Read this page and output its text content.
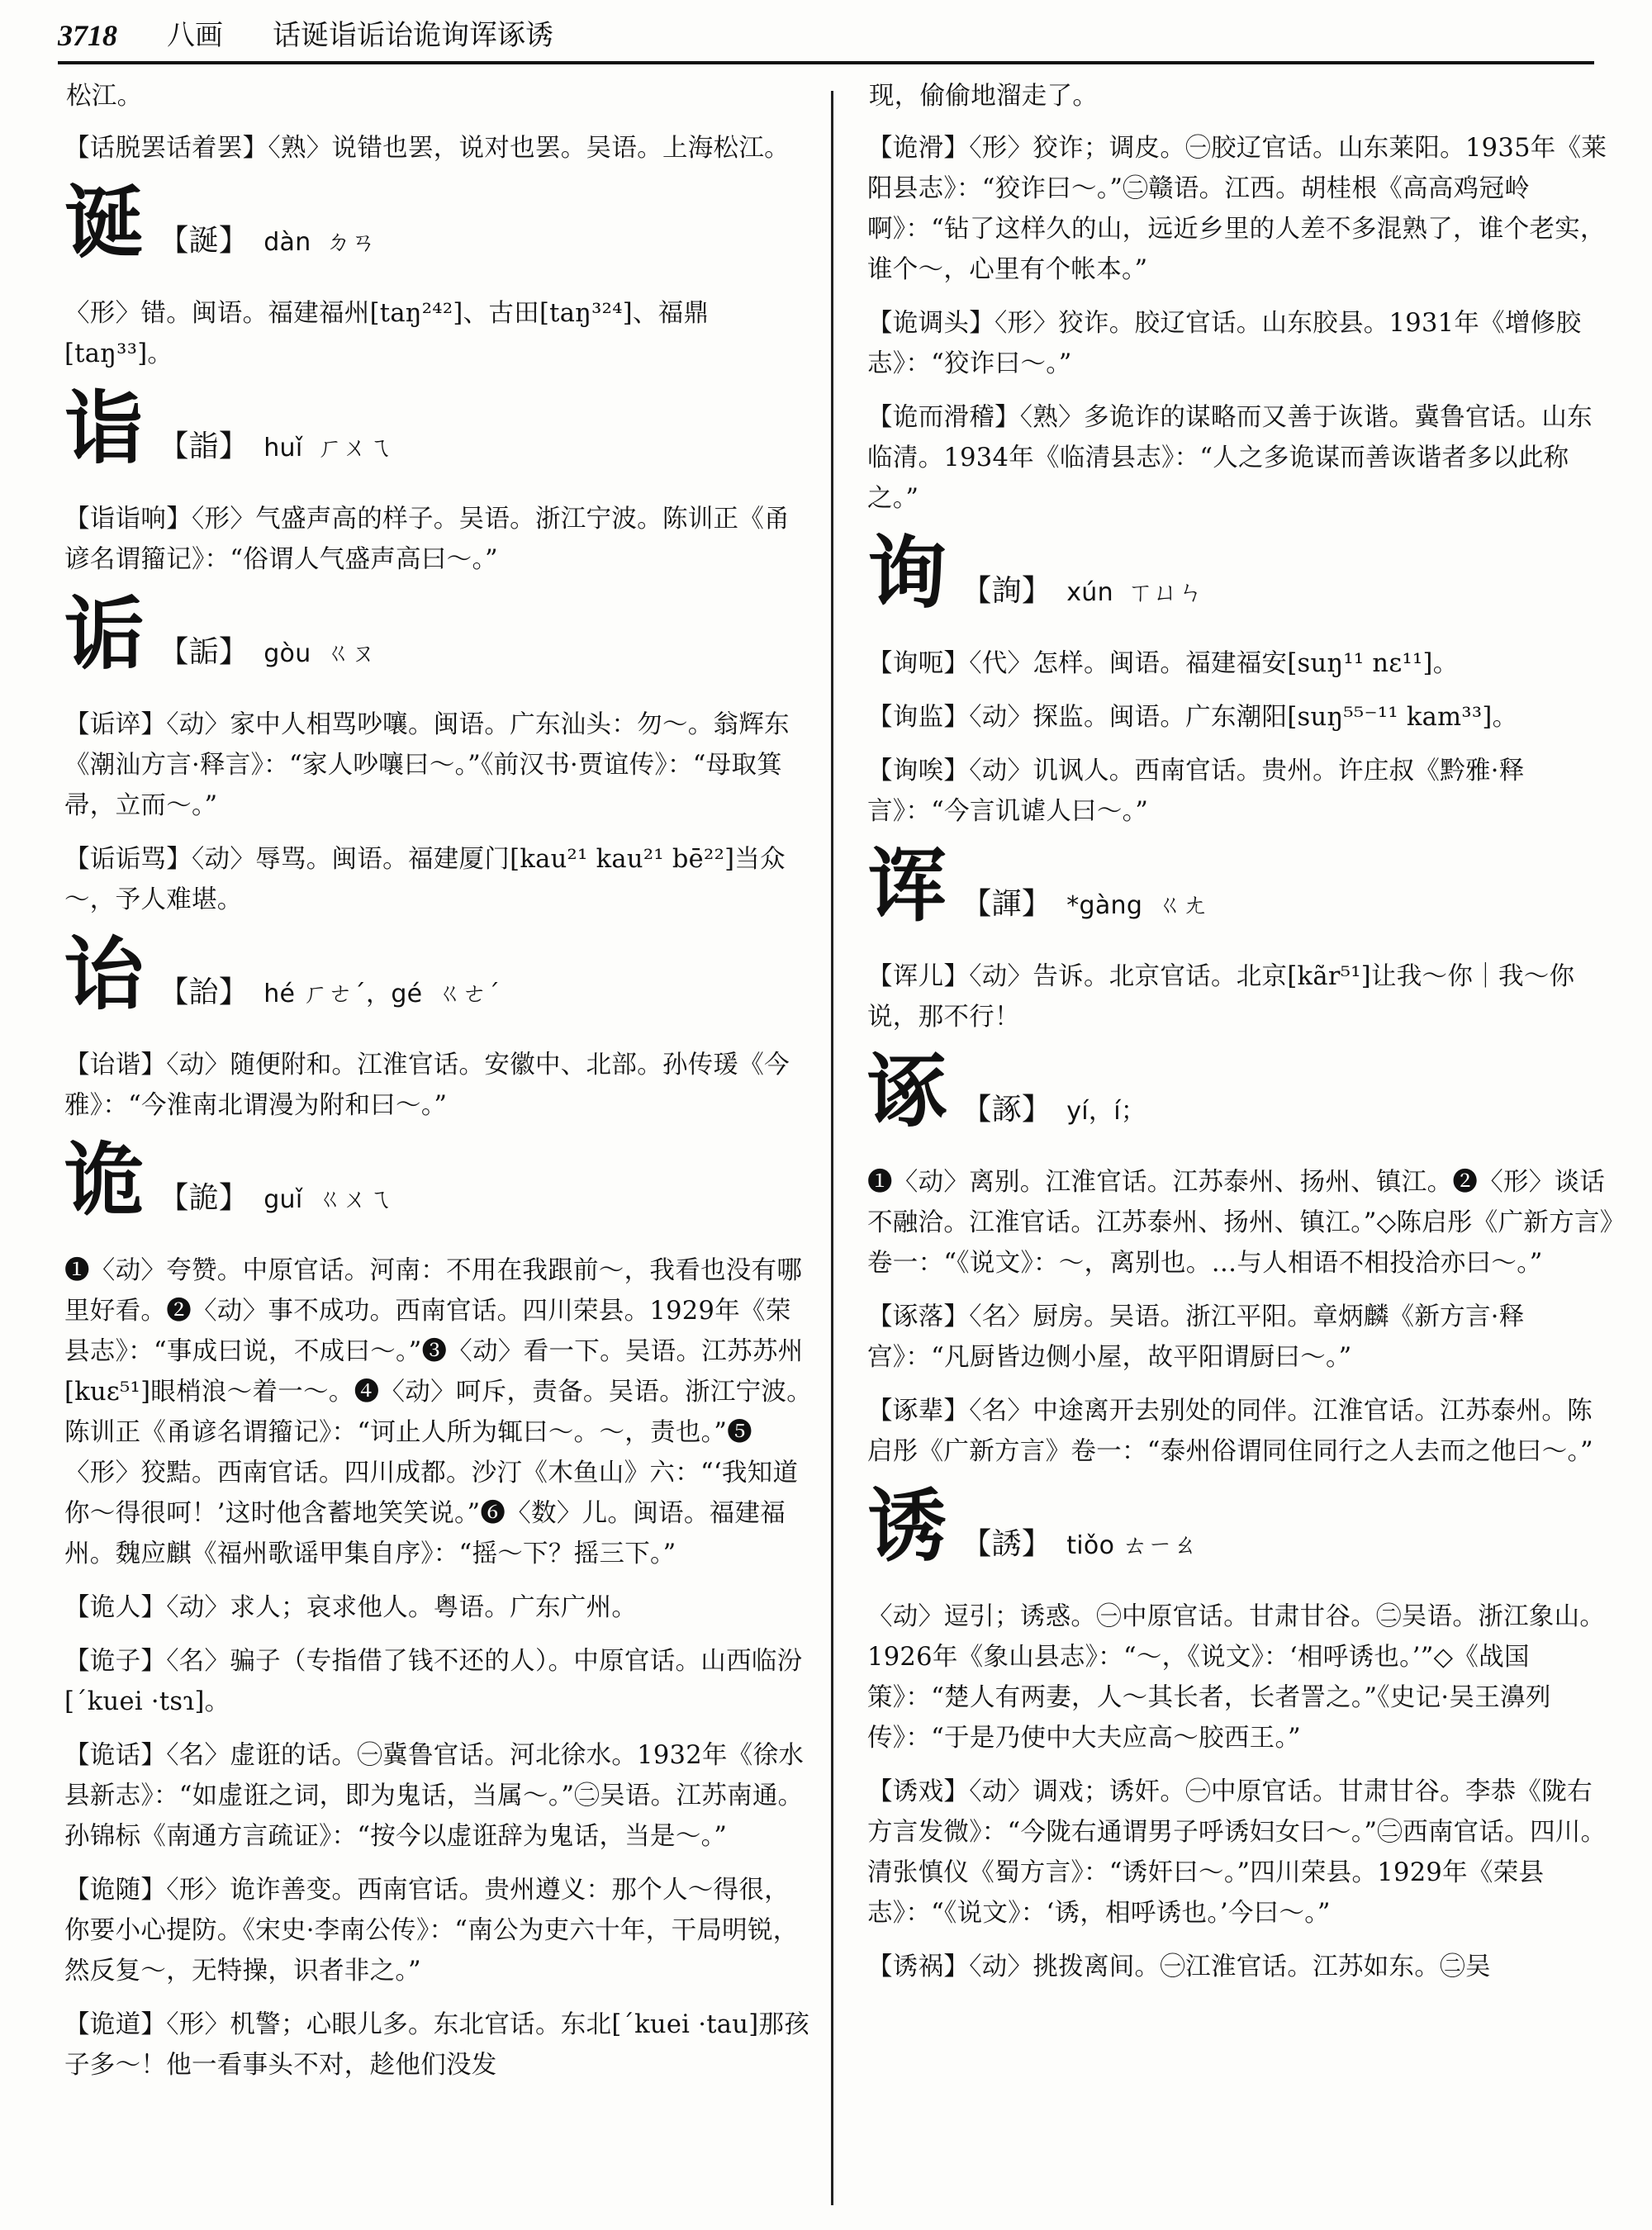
3718 八画 话诞诣诟诒诡询诨诼诱
松江。
【话脱罢话着罢】〈熟〉说错也罢，说对也罢。吴语。上海松江。
诞 【誕】 dàn ㄉㄢ
〈形〉错。闽语。福建福州[taŋ²⁴²]、古田[taŋ³²⁴]、福鼎[taŋ³³]。
诣 【詣】 huǐ ㄏㄨㄟ
【诣诣响】〈形〉气盛声高的样子。吴语。浙江宁波。陈训正《甬谚名谓籀记》：“俗谓人气盛声高曰～。”
诟 【詬】 gòu ㄍㄡ
【诟谇】〈动〉家中人相骂吵嚷。闽语。广东汕头：勿～。翁辉东《潮汕方言·释言》：“家人吵嚷曰～。”《前汉书·贾谊传》：“母取箕帚，立而～。”
【诟诟骂】〈动〉辱骂。闽语。福建厦门[kau²¹ kau²¹ bē²²]当众～，予人难堪。
诒 【詒】 hé ㄏㄜˊ，gé ㄍㄜˊ
【诒谐】〈动〉随便附和。江淮官话。安徽中、北部。孙传瑗《今雅》：“今淮南北谓漫为附和曰～。”
诡 【詭】 guǐ ㄍㄨㄟ
❶〈动〉夸赞。中原官话。河南：不用在我跟前～，我看也没有哪里好看。❷〈动〉事不成功。西南官话。四川荣县。1929年《荣县志》：“事成曰说，不成曰～。”❸〈动〉看一下。吴语。江苏苏州[kuɛ⁵¹]眼梢浪～着一～。❹〈动〉呵斥，责备。吴语。浙江宁波。陈训正《甬谚名谓籀记》：“诃止人所为辄曰～。～，责也。”❺〈形〉狡黠。西南官话。四川成都。沙汀《木鱼山》六：“‘我知道你～得很呵！’这时他含蓄地笑笑说。”❻〈数〉儿。闽语。福建福州。魏应麒《福州歌谣甲集自序》：“摇～下？摇三下。”
【诡人】〈动〉求人；哀求他人。粤语。广东广州。
【诡子】〈名〉骗子（专指借了钱不还的人）。中原官话。山西临汾[ˊkuei ·tsɿ]。
【诡话】〈名〉虚诳的话。㊀冀鲁官话。河北徐水。1932年《徐水县新志》：“如虚诳之词，即为鬼话，当属～。”㊁吴语。江苏南通。孙锦标《南通方言疏证》：“按今以虚诳辞为鬼话，当是～。”
【诡随】〈形〉诡诈善变。西南官话。贵州遵义：那个人～得很，你要小心提防。《宋史·李南公传》：“南公为吏六十年，干局明锐，然反复～，无特操，识者非之。”
【诡道】〈形〉机警；心眼儿多。东北官话。东北[ˊkuei ·tau]那孩子多～！他一看事头不对，趁他们没发
现，偷偷地溜走了。
【诡滑】〈形〉狡诈；调皮。㊀胶辽官话。山东莱阳。1935年《莱阳县志》：“狡诈曰～。”㊁赣语。江西。胡桂根《高高鸡冠岭啊》：“钻了这样久的山，远近乡里的人差不多混熟了，谁个老实，谁个～，心里有个帐本。”
【诡调头】〈形〉狡诈。胶辽官话。山东胶县。1931年《增修胶志》：“狡诈曰～。”
【诡而滑稽】〈熟〉多诡诈的谋略而又善于诙谐。冀鲁官话。山东临清。1934年《临清县志》：“人之多诡谋而善诙谐者多以此称之。”
询 【詢】 xún ㄒㄩㄣ
【询呃】〈代〉怎样。闽语。福建福安[suŋ¹¹ nɛ¹¹]。
【询监】〈动〉探监。闽语。广东潮阳[suŋ⁵⁵⁻¹¹ kam³³]。
【询唉】〈动〉讥讽人。西南官话。贵州。许庄叔《黔雅·释言》：“今言讥谑人曰～。”
诨 【諢】 *gàng ㄍㄤ
【诨儿】〈动〉告诉。北京官话。北京[kãr⁵¹]让我～你｜我～你说，那不行！
诼 【諑】 yí，í；
❶〈动〉离别。江淮官话。江苏泰州、扬州、镇江。❷〈形〉谈话不融洽。江淮官话。江苏泰州、扬州、镇江。”◇陈启彤《广新方言》卷一：“《说文》：～，离别也。…与人相语不相投洽亦曰～。”
【诼落】〈名〉厨房。吴语。浙江平阳。章炳麟《新方言·释宫》：“凡厨皆边侧小屋，故平阳谓厨曰～。”
【诼辈】〈名〉中途离开去别处的同伴。江淮官话。江苏泰州。陈启彤《广新方言》卷一：“泰州俗谓同住同行之人去而之他曰～。”
诱 【誘】 tiǒo ㄊㄧㄠ
〈动〉逗引；诱惑。㊀中原官话。甘肃甘谷。㊁吴语。浙江象山。1926年《象山县志》：“～，《说文》：‘相呼诱也。’”◇《战国策》：“楚人有两妻，人～其长者，长者詈之。”《史记·吴王濞列传》：“于是乃使中大夫应高～胶西王。”
【诱戏】〈动〉调戏；诱奸。㊀中原官话。甘肃甘谷。李恭《陇右方言发微》：“今陇右通谓男子呼诱妇女曰～。”㊁西南官话。四川。清张慎仪《蜀方言》：“诱奸曰～。”四川荣县。1929年《荣县志》：“《说文》：‘诱，相呼诱也。’今曰～。”
【诱祸】〈动〉挑拨离间。㊀江淮官话。江苏如东。㊁吴
